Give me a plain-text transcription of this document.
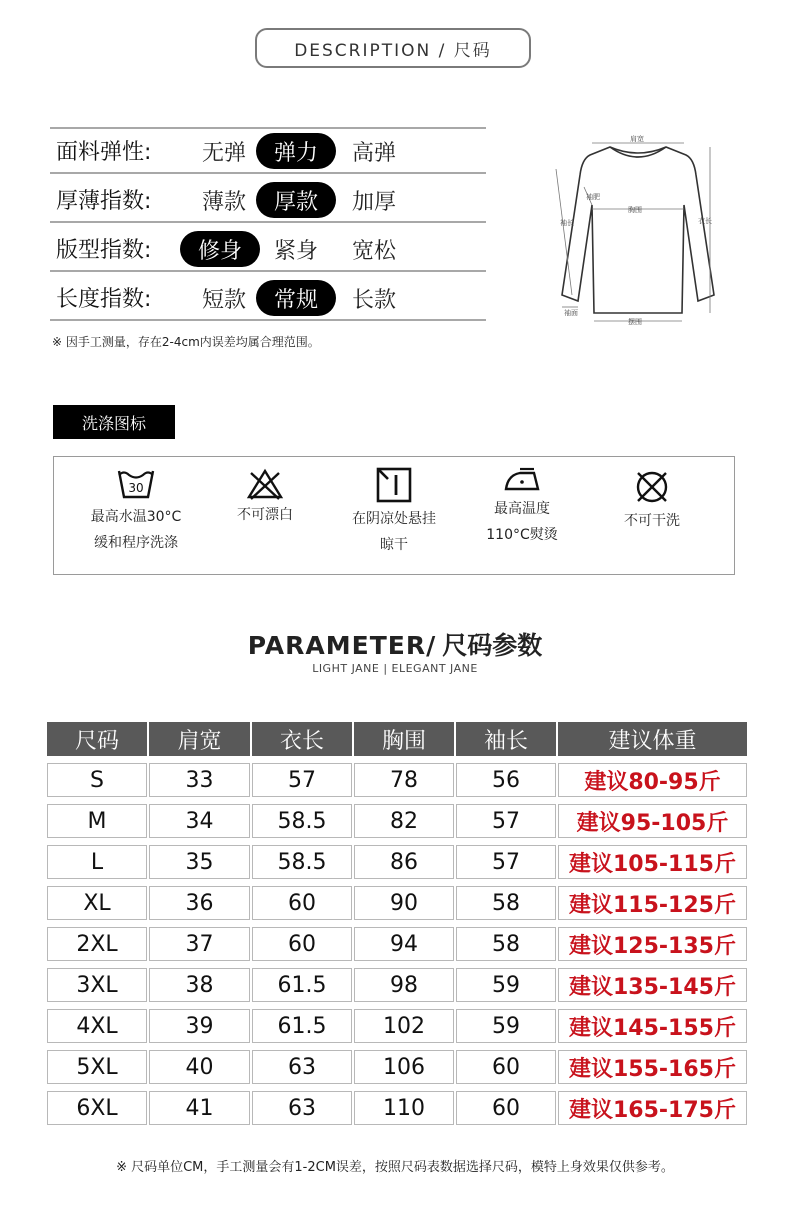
DESCRIPTION / 尺码
面料弹性:	无弹	弹力	高弹
厚薄指数:	薄款	厚款	加厚
版型指数:	修身	紧身	宽松
长度指数:	短款	常规	长款
※ 因手工测量，存在2-4cm内误差均属合理范围。
肩宽
胸围
摆围
衣长
袖长
袖肥
袖面
洗涤图标
30
最高水温30°C
缓和程序洗涤
不可漂白	在阴凉处悬挂
晾干
最高温度
110°C熨烫
不可干洗
PARAMETER/ 尺码参数
LIGHT JANE | ELEGANT JANE
尺码	肩宽	衣长	胸围	袖长	建议体重
S	33	57	78	56	建议80-95斤
M	34	58.5	82	57	建议95-105斤
L	35	58.5	86	57	建议105-115斤
XL	36	60	90	58	建议115-125斤
2XL	37	60	94	58	建议125-135斤
3XL	38	61.5	98	59	建议135-145斤
4XL	39	61.5	102	59	建议145-155斤
5XL	40	63	106	60	建议155-165斤
6XL	41	63	110	60	建议165-175斤
※ 尺码单位CM，手工测量会有1-2CM误差，按照尺码表数据选择尺码，模特上身效果仅供参考。
